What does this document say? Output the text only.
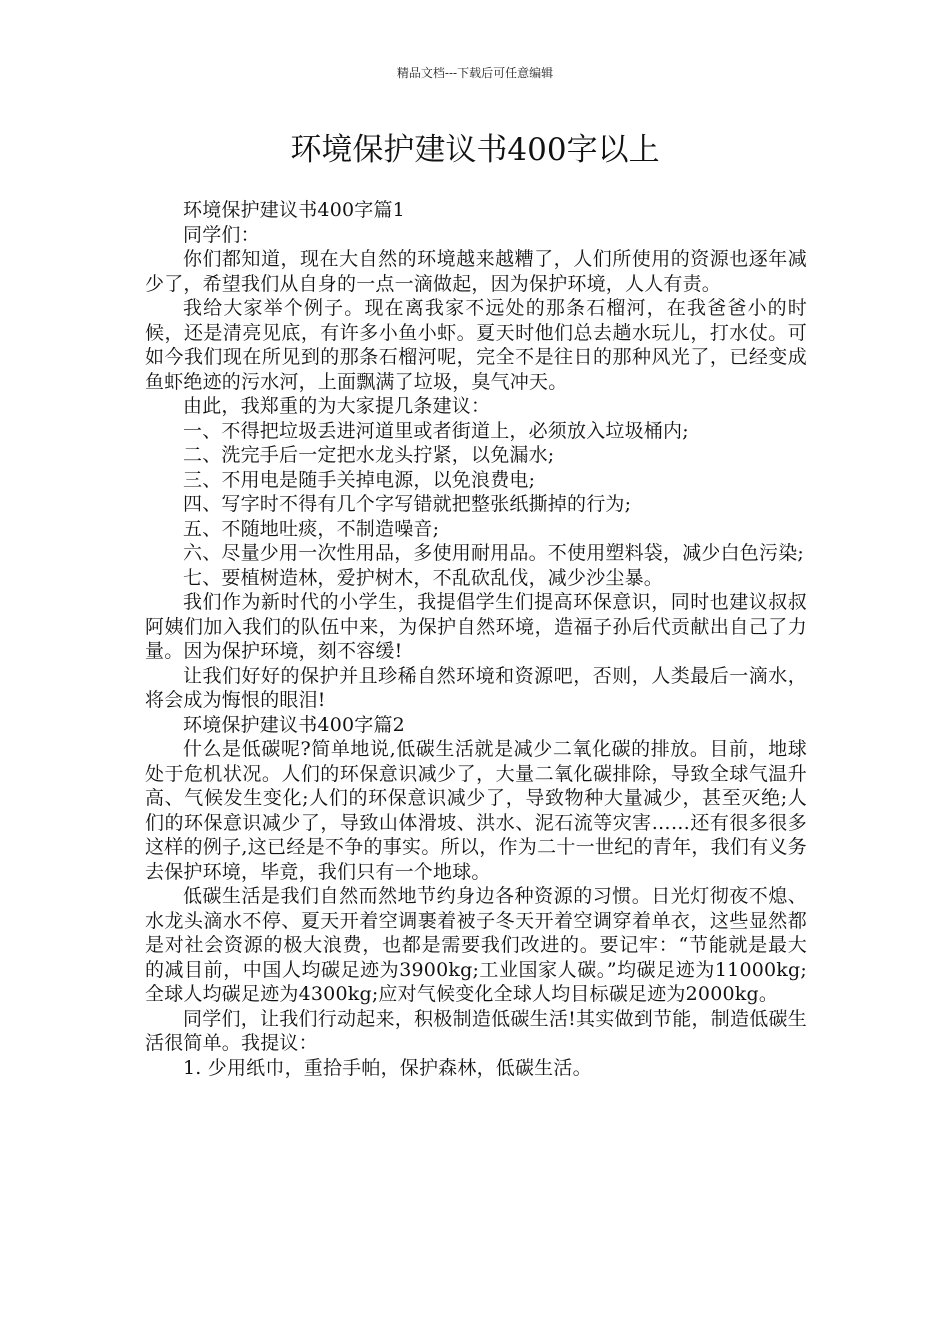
精品文档---下载后可任意编辑
环境保护建议书400字以上

环境保护建议书400字篇1

同学们：

你们都知道，现在大自然的环境越来越糟了，人们所使用的资源也逐年减少了，希望我们从自身的一点一滴做起，因为保护环境，人人有责。

我给大家举个例子。现在离我家不远处的那条石榴河，在我爸爸小的时候，还是清亮见底，有许多小鱼小虾。夏天时他们总去趟水玩儿，打水仗。可如今我们现在所见到的那条石榴河呢，完全不是往日的那种风光了，已经变成鱼虾绝迹的污水河，上面飘满了垃圾，臭气冲天。

由此，我郑重的为大家提几条建议：

一、不得把垃圾丢进河道里或者街道上，必须放入垃圾桶内;

二、洗完手后一定把水龙头拧紧，以免漏水;

三、不用电是随手关掉电源，以免浪费电;

四、写字时不得有几个字写错就把整张纸撕掉的行为;

五、不随地吐痰，不制造噪音;

六、尽量少用一次性用品，多使用耐用品。不使用塑料袋，减少白色污染;

七、要植树造林，爱护树木，不乱砍乱伐，减少沙尘暴。

我们作为新时代的小学生，我提倡学生们提高环保意识，同时也建议叔叔阿姨们加入我们的队伍中来，为保护自然环境，造福子孙后代贡献出自己了力量。因为保护环境，刻不容缓!

让我们好好的保护并且珍稀自然环境和资源吧，否则，人类最后一滴水，将会成为悔恨的眼泪!

环境保护建议书400字篇2

什么是低碳呢?简单地说,低碳生活就是减少二氧化碳的排放。目前，地球处于危机状况。人们的环保意识减少了，大量二氧化碳排除，导致全球气温升高、气候发生变化;人们的环保意识减少了，导致物种大量减少，甚至灭绝;人们的环保意识减少了，导致山体滑坡、洪水、泥石流等灾害……还有很多很多这样的例子,这已经是不争的事实。所以，作为二十一世纪的青年，我们有义务去保护环境，毕竟，我们只有一个地球。

低碳生活是我们自然而然地节约身边各种资源的习惯。日光灯彻夜不熄、水龙头滴水不停、夏天开着空调裹着被子冬天开着空调穿着单衣，这些显然都是对社会资源的极大浪费，也都是需要我们改进的。要记牢：“节能就是最大的减目前，中国人均碳足迹为3900kg;工业国家人碳。”均碳足迹为11000kg;全球人均碳足迹为4300kg;应对气候变化全球人均目标碳足迹为2000kg。

同学们，让我们行动起来，积极制造低碳生活!其实做到节能，制造低碳生活很简单。我提议：

1. 少用纸巾，重拾手帕，保护森林，低碳生活。
